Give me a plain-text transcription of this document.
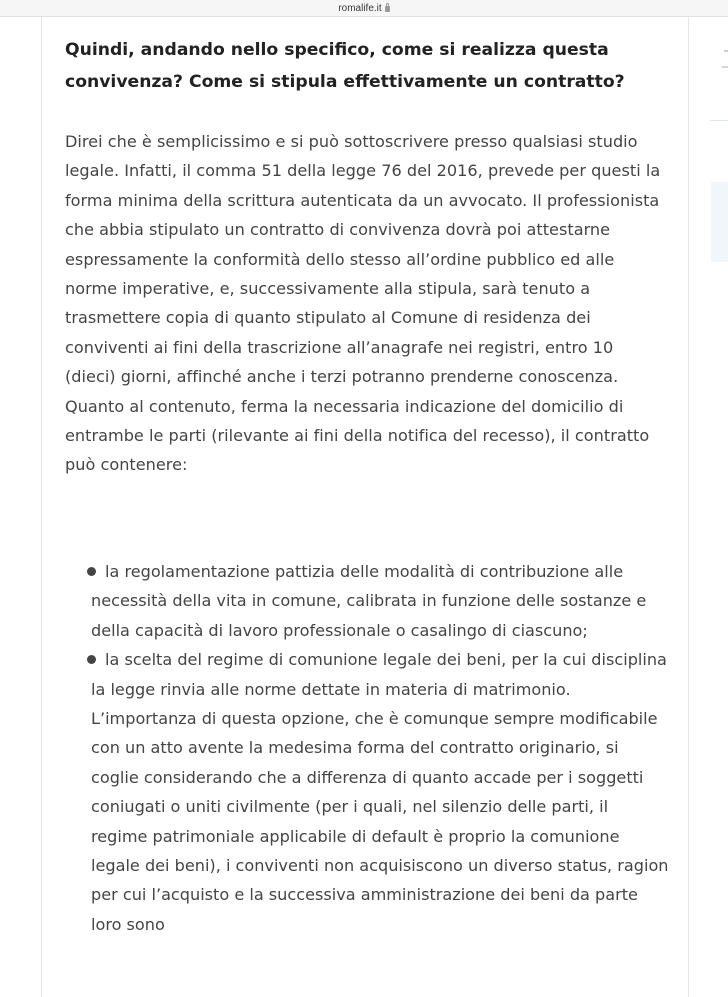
romalife.it
Quindi, andando nello specifico, come si realizza questa convivenza? Come si stipula effettivamente un contratto?

Direi che è semplicissimo e si può sottoscrivere presso qualsiasi studio legale. Infatti, il comma 51 della legge 76 del 2016, prevede per questi la forma minima della scrittura autenticata da un avvocato. Il professionista che abbia stipulato un contratto di convivenza dovrà poi attestarne espressamente la conformità dello stesso all’ordine pubblico ed alle norme imperative, e, successivamente alla stipula, sarà tenuto a trasmettere copia di quanto stipulato al Comune di residenza dei conviventi ai fini della trascrizione all’anagrafe nei registri, entro 10 (dieci) giorni, affinché anche i terzi potranno prenderne conoscenza. Quanto al contenuto, ferma la necessaria indicazione del domicilio di entrambe le parti (rilevante ai fini della notifica del recesso), il contratto può contenere:

la regolamentazione pattizia delle modalità di contribuzione alle necessità della vita in comune, calibrata in funzione delle sostanze e della capacità di lavoro professionale o casalingo di ciascuno;
la scelta del regime di comunione legale dei beni, per la cui disciplina la legge rinvia alle norme dettate in materia di matrimonio. L’importanza di questa opzione, che è comunque sempre modificabile con un atto avente la medesima forma del contratto originario, si coglie considerando che a differenza di quanto accade per i soggetti coniugati o uniti civilmente (per i quali, nel silenzio delle parti, il regime patrimoniale applicabile di default è proprio la comunione legale dei beni), i conviventi non acquisiscono un diverso status, ragion per cui l’acquisto e la successiva amministrazione dei beni da parte loro sono
